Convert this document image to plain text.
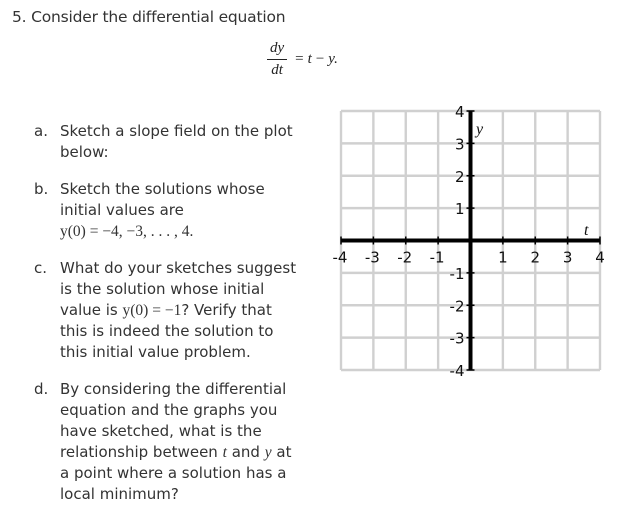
5. Consider the differential equation
$\frac{dy}{dt} = t - y$.
a. Sketch a slope field on the plot below:
b. Sketch the solutions whose initial values are
y(0) = −4, −3, . . . , 4.
c. What do your sketches suggest is the solution whose initial value is y(0) = −1? Verify that this is indeed the solution to this initial value problem.
d. By considering the differential equation and the graphs you have sketched, what is the relationship between t and y at a point where a solution has a local minimum?
-4 -3 -2 -1	1 2 3 4
4
3
2
1
-1
-2
-3
-4
y
t
